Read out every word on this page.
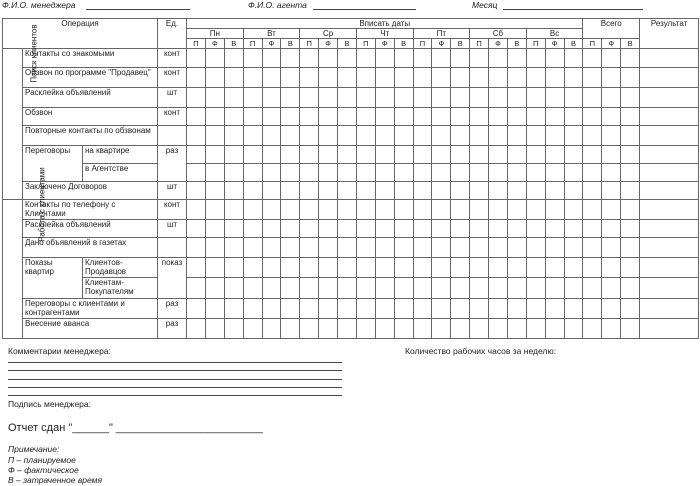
Ф.И.О. менеджера	Ф.И.О. агента	Месяц
Операция			Ед.	Вписать даты																					Всего			Результат
				Пн			Вт			Ср			Чт			Пт			Сб			Вс						
				П	Ф	В	П	Ф	В	П	Ф	В	П	Ф	В	П	Ф	В	П	Ф	В	П	Ф	В	П	Ф	В	
Поиск клиентов	Контакты со знакомыми		конт																									
	Обзвон по программе "Продавец"		конт																									
	Расклейка объявлений		шт																									
	Обзвон		конт																									
	Повторные контакты по обзвонам																											
	Переговоры	на квартире	раз																									
		в Агентстве																										
	Заключено Договоров		шт																									
Работа с клиентами	Контакты по телефону с Клиентами		конт																									
	Расклейка объявлений		шт																									
	Дано объявлений в газетах																											
	Показы квартир	Клиентов-Продавцов	показ																									
		Клиентам-Покупателям																										
	Переговоры с клиентами и контрагентами		раз																									
	Внесение аванса		раз																									
Комментарии менеджера:	Количество рабочих часов за неделю:
Подпись менеджера:
Отчет сдан "______" ________________________
Примечание:
П – планируемое
Ф – фактическое
В – затраченное время
